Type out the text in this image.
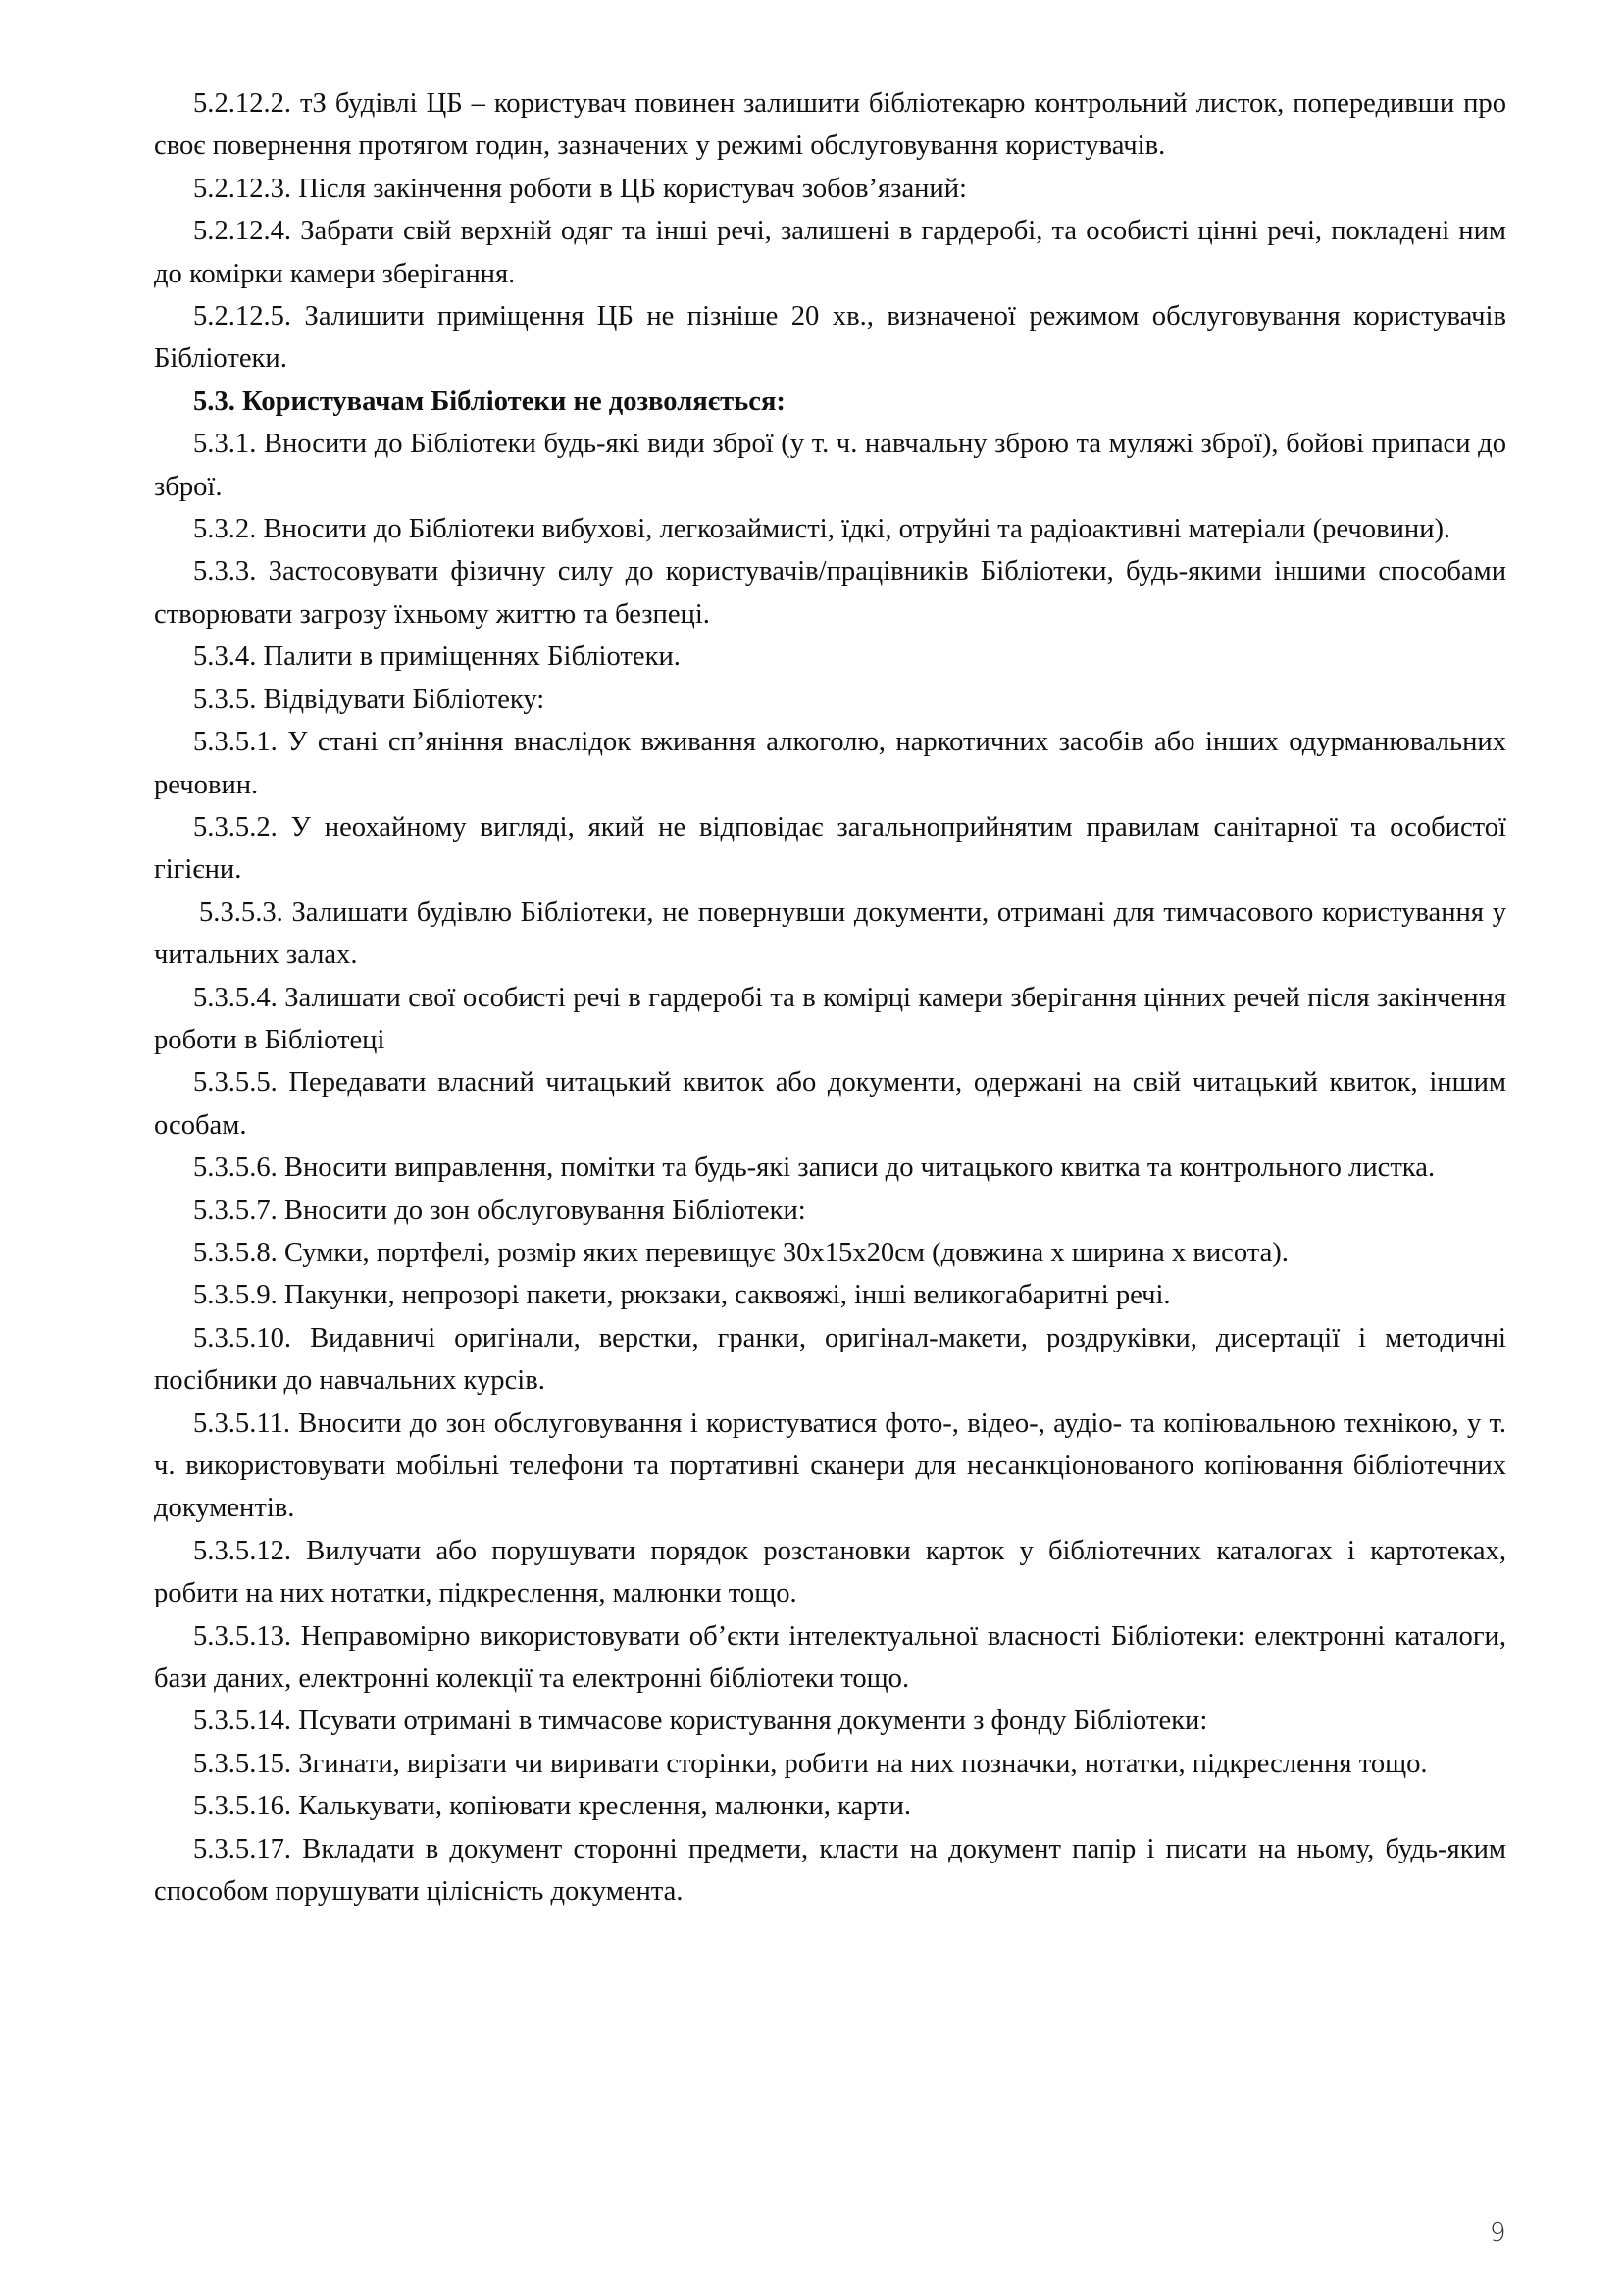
5.2.12.2. тЗ будівлі ЦБ – користувач повинен залишити бібліотекарю контрольний листок, попередивши про своє повернення протягом годин, зазначених у режимі обслуговування користувачів.

5.2.12.3. Після закінчення роботи в ЦБ користувач зобов’язаний:

5.2.12.4. Забрати свій верхній одяг та інші речі, залишені в гардеробі, та особисті цінні речі, покладені ним до комірки камери зберігання.

5.2.12.5. Залишити приміщення ЦБ не пізніше 20 хв., визначеної режимом обслуговування користувачів Бібліотеки.

5.3. Користувачам Бібліотеки не дозволяється:

5.3.1. Вносити до Бібліотеки будь-які види зброї (у т. ч. навчальну зброю та муляжі зброї), бойові припаси до зброї.

5.3.2. Вносити до Бібліотеки вибухові, легкозаймисті, їдкі, отруйні та радіоактивні матеріали (речовини).

5.3.3. Застосовувати фізичну силу до користувачів/працівників Бібліотеки, будь-якими іншими способами створювати загрозу їхньому життю та безпеці.

5.3.4. Палити в приміщеннях Бібліотеки.

5.3.5. Відвідувати Бібліотеку:

5.3.5.1. У стані сп’яніння внаслідок вживання алкоголю, наркотичних засобів або інших одурманювальних речовин.

5.3.5.2. У неохайному вигляді, який не відповідає загальноприйнятим правилам санітарної та особистої гігієни.

5.3.5.3. Залишати будівлю Бібліотеки, не повернувши документи, отримані для тимчасового користування у читальних залах.

5.3.5.4. Залишати свої особисті речі в гардеробі та в комірці камери зберігання цінних речей після закінчення роботи в Бібліотеці

5.3.5.5. Передавати власний читацький квиток або документи, одержані на свій читацький квиток, іншим особам.

5.3.5.6. Вносити виправлення, помітки та будь-які записи до читацького квитка та контрольного листка.

5.3.5.7. Вносити до зон обслуговування Бібліотеки:

5.3.5.8. Сумки, портфелі, розмір яких перевищує 30х15х20см (довжина х ширина х висота).

5.3.5.9. Пакунки, непрозорі пакети, рюкзаки, саквояжі, інші великогабаритні речі.

5.3.5.10. Видавничі оригінали, верстки, гранки, оригінал-макети, роздруківки, дисертації і методичні посібники до навчальних курсів.

5.3.5.11. Вносити до зон обслуговування і користуватися фото-, відео-, аудіо- та копіювальною технікою, у т. ч. використовувати мобільні телефони та портативні сканери для несанкціонованого копіювання бібліотечних документів.

5.3.5.12. Вилучати або порушувати порядок розстановки карток у бібліотечних каталогах і картотеках, робити на них нотатки, підкреслення, малюнки тощо.

5.3.5.13. Неправомірно використовувати об’єкти інтелектуальної власності Бібліотеки: електронні каталоги, бази даних, електронні колекції та електронні бібліотеки тощо.

5.3.5.14. Псувати отримані в тимчасове користування документи з фонду Бібліотеки:

5.3.5.15. Згинати, вирізати чи виривати сторінки, робити на них позначки, нотатки, підкреслення тощо.

5.3.5.16. Калькувати, копіювати креслення, малюнки, карти.

5.3.5.17. Вкладати в документ сторонні предмети, класти на документ папір і писати на ньому, будь-яким способом порушувати цілісність документа.

9
